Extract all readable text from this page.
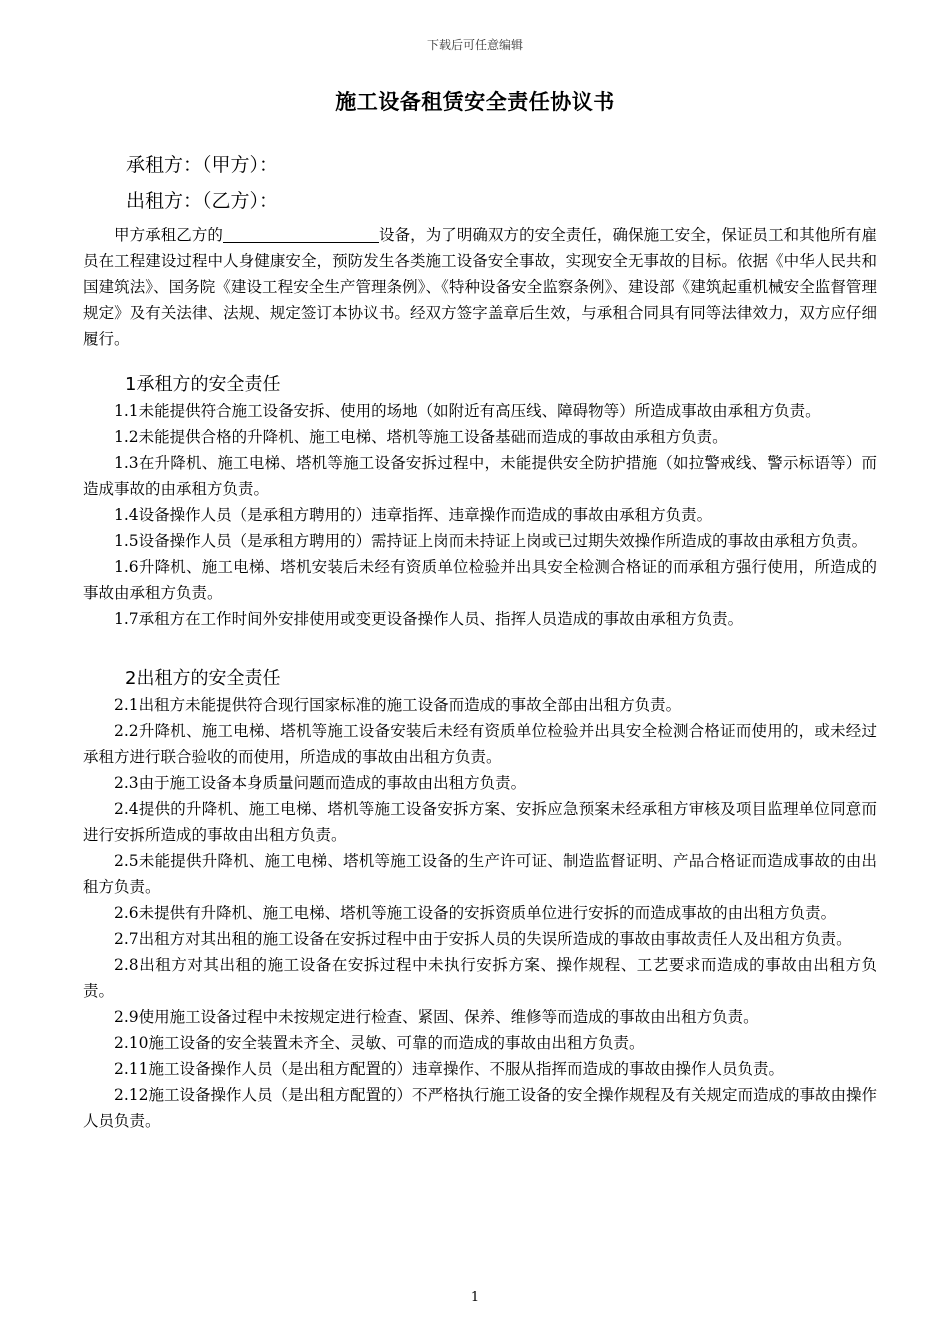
下载后可任意编辑
施工设备租赁安全责任协议书
承租方：（甲方）：
出租方：（乙方）：

甲方承租乙方的	设备，为了明确双方的安全责任，确保施工安全，保证员工和其他所有雇员在工程建设过程中人身健康安全，预防发生各类施工设备安全事故，实现安全无事故的目标。依据《中华人民共和国建筑法》、国务院《建设工程安全生产管理条例》、《特种设备安全监察条例》、建设部《建筑起重机械安全监督管理规定》及有关法律、法规、规定签订本协议书。经双方签字盖章后生效，与承租合同具有同等法律效力，双方应仔细履行。

1承租方的安全责任

1.1未能提供符合施工设备安拆、使用的场地（如附近有高压线、障碍物等）所造成事故由承租方负责。

1.2未能提供合格的升降机、施工电梯、塔机等施工设备基础而造成的事故由承租方负责。

1.3在升降机、施工电梯、塔机等施工设备安拆过程中，未能提供安全防护措施（如拉警戒线、警示标语等）而造成事故的由承租方负责。

1.4设备操作人员（是承租方聘用的）违章指挥、违章操作而造成的事故由承租方负责。

1.5设备操作人员（是承租方聘用的）需持证上岗而未持证上岗或已过期失效操作所造成的事故由承租方负责。

1.6升降机、施工电梯、塔机安装后未经有资质单位检验并出具安全检测合格证的而承租方强行使用，所造成的事故由承租方负责。

1.7承租方在工作时间外安排使用或变更设备操作人员、指挥人员造成的事故由承租方负责。

2出租方的安全责任

2.1出租方未能提供符合现行国家标准的施工设备而造成的事故全部由出租方负责。

2.2升降机、施工电梯、塔机等施工设备安装后未经有资质单位检验并出具安全检测合格证而使用的，或未经过承租方进行联合验收的而使用，所造成的事故由出租方负责。

2.3由于施工设备本身质量问题而造成的事故由出租方负责。

2.4提供的升降机、施工电梯、塔机等施工设备安拆方案、安拆应急预案未经承租方审核及项目监理单位同意而进行安拆所造成的事故由出租方负责。

2.5未能提供升降机、施工电梯、塔机等施工设备的生产许可证、制造监督证明、产品合格证而造成事故的由出租方负责。

2.6未提供有升降机、施工电梯、塔机等施工设备的安拆资质单位进行安拆的而造成事故的由出租方负责。

2.7出租方对其出租的施工设备在安拆过程中由于安拆人员的失误所造成的事故由事故责任人及出租方负责。

2.8出租方对其出租的施工设备在安拆过程中未执行安拆方案、操作规程、工艺要求而造成的事故由出租方负责。

2.9使用施工设备过程中未按规定进行检查、紧固、保养、维修等而造成的事故由出租方负责。

2.10施工设备的安全装置未齐全、灵敏、可靠的而造成的事故由出租方负责。

2.11施工设备操作人员（是出租方配置的）违章操作、不服从指挥而造成的事故由操作人员负责。

2.12施工设备操作人员（是出租方配置的）不严格执行施工设备的安全操作规程及有关规定而造成的事故由操作人员负责。

1
